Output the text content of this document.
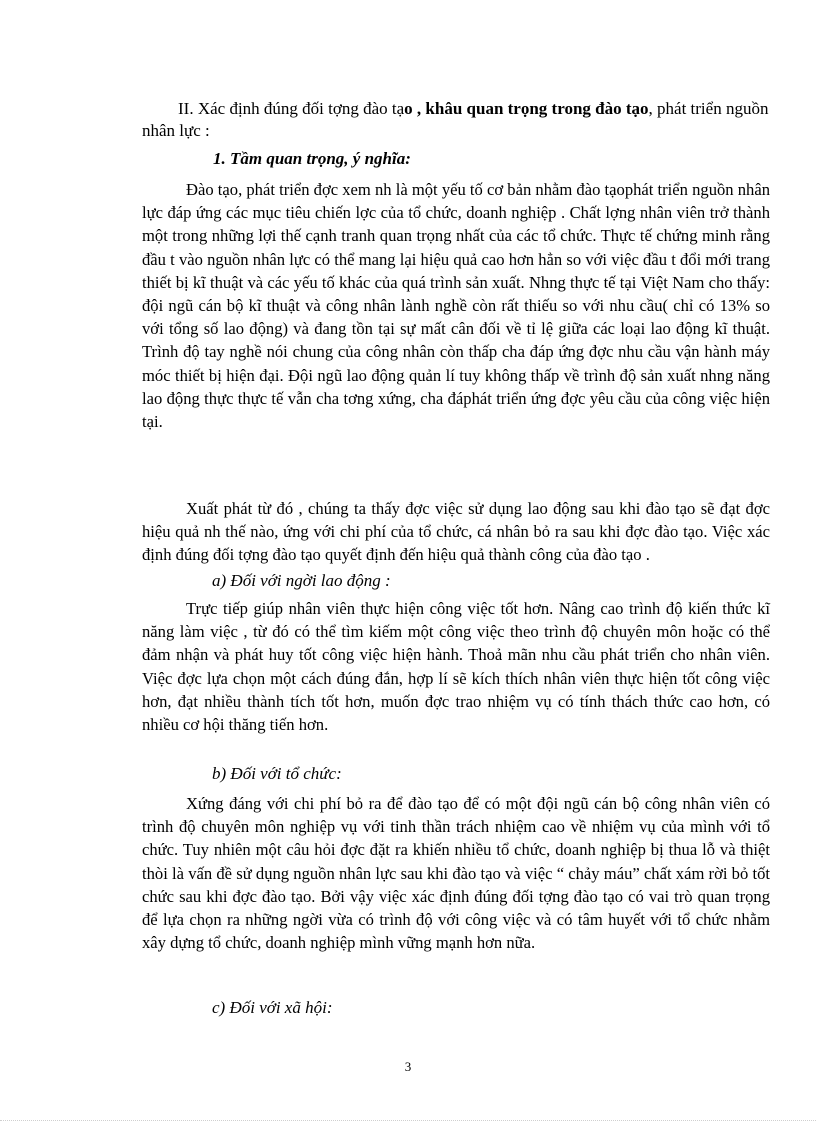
II. Xác định đúng đối tợng đào tạo , khâu quan trọng trong đào tạo, phát triển nguồn nhân lực :

1. Tầm quan trọng, ý nghĩa:

Đào tạo, phát triển đợc xem nh là một yếu tố cơ bản nhằm đào tạophát triển nguồn nhân lực đáp ứng các mục tiêu chiến lợc của tổ chức, doanh nghiệp . Chất lợng nhân viên trở thành một trong những lợi thế cạnh tranh quan trọng nhất của các tổ chức. Thực tế chứng minh rằng đầu t vào nguồn nhân lực có thể mang lại hiệu quả cao hơn hẳn so với việc đầu t đổi mới trang thiết bị kĩ thuật và các yếu tố khác của quá trình sản xuất. Nhng thực tế tại Việt Nam cho thấy: đội ngũ cán bộ kĩ thuật và công nhân lành nghề còn rất thiếu so với nhu cầu( chỉ có 13% so với tổng số lao động) và đang tồn tại sự mất cân đối về tỉ lệ giữa các loại lao động kĩ thuật. Trình độ tay nghề nói chung của công nhân còn thấp cha đáp ứng đợc nhu cầu vận hành máy móc thiết bị hiện đại. Đội ngũ lao động quản lí tuy không thấp về trình độ sản xuất nhng năng lao động thực thực tế vẫn cha tơng xứng, cha đáphát triển ứng đợc yêu cầu của công việc hiện tại.

Xuất phát từ đó , chúng ta thấy đợc việc sử dụng lao động sau khi đào tạo sẽ đạt đợc hiệu quả nh thế nào, ứng với chi phí của tổ chức, cá nhân bỏ ra sau khi đợc đào tạo. Việc xác định đúng đối tợng đào tạo quyết định đến hiệu quả thành công của đào tạo .

a) Đối với ngời lao động :

Trực tiếp giúp nhân viên thực hiện công việc tốt hơn. Nâng cao trình độ kiến thức kĩ năng làm việc , từ đó có thể tìm kiếm một công việc theo trình độ chuyên môn hoặc có thể đảm nhận và phát huy tốt công việc hiện hành. Thoả mãn nhu cầu phát triển cho nhân viên. Việc đợc lựa chọn một cách đúng đắn, hợp lí sẽ kích thích nhân viên thực hiện tốt công việc hơn, đạt nhiều thành tích tốt hơn, muốn đợc trao nhiệm vụ có tính thách thức cao hơn, có nhiều cơ hội thăng tiến hơn.

b) Đối với tổ chức:

Xứng đáng với chi phí bỏ ra để đào tạo để có một đội ngũ cán bộ công nhân viên có trình độ chuyên môn nghiệp vụ với tinh thần trách nhiệm cao về nhiệm vụ của mình với tổ chức. Tuy nhiên một câu hỏi đợc đặt ra khiến nhiều tổ chức, doanh nghiệp bị thua lỗ và thiệt thòi là vấn đề sử dụng nguồn nhân lực sau khi đào tạo và việc “ chảy máu” chất xám rời bỏ tốt chức sau khi đợc đào tạo. Bởi vậy việc xác định đúng đối tợng đào tạo có vai trò quan trọng để lựa chọn ra những ngời vừa có trình độ với công việc và có tâm huyết với tổ chức nhằm xây dựng tổ chức, doanh nghiệp mình vững mạnh hơn nữa.

c) Đối với xã hội:

3
